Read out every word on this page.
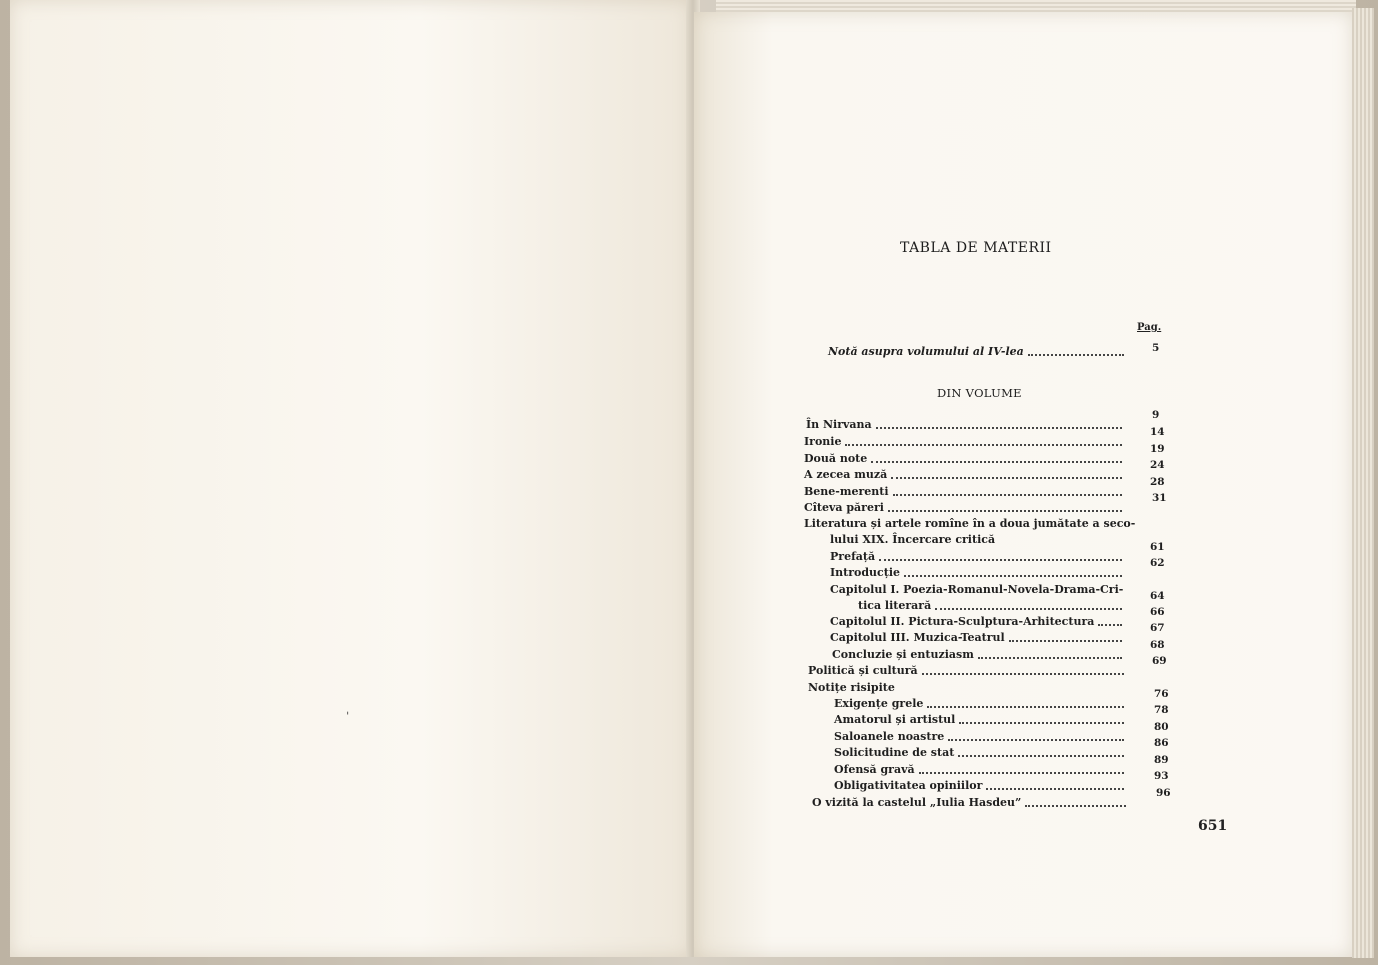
ˈ
TABLA DE MATERII
Pag.
Notă asupra volumului al IV-lea	5
DIN VOLUME
În Nirvana
9
Ironie
14
Două note
19
A zecea muză
24
Bene-merenti
28
Cîteva păreri
31
Literatura și artele romîne în a doua jumătate a seco-
lului XIX. Încercare critică
Prefață
61
Introducție
62
Capitolul I. Poezia-Romanul-Novela-Drama-Cri-
tica literară
64
Capitolul II. Pictura-Sculptura-Arhitectura
66
Capitolul III. Muzica-Teatrul
67
Concluzie și entuziasm
68
Politică și cultură
69
Notițe risipite
Exigențe grele
76
Amatorul și artistul
78
Saloanele noastre
80
Solicitudine de stat
86
Ofensă gravă
89
Obligativitatea opiniilor
93
O vizită la castelul „Iulia Hasdeu”
96
651
